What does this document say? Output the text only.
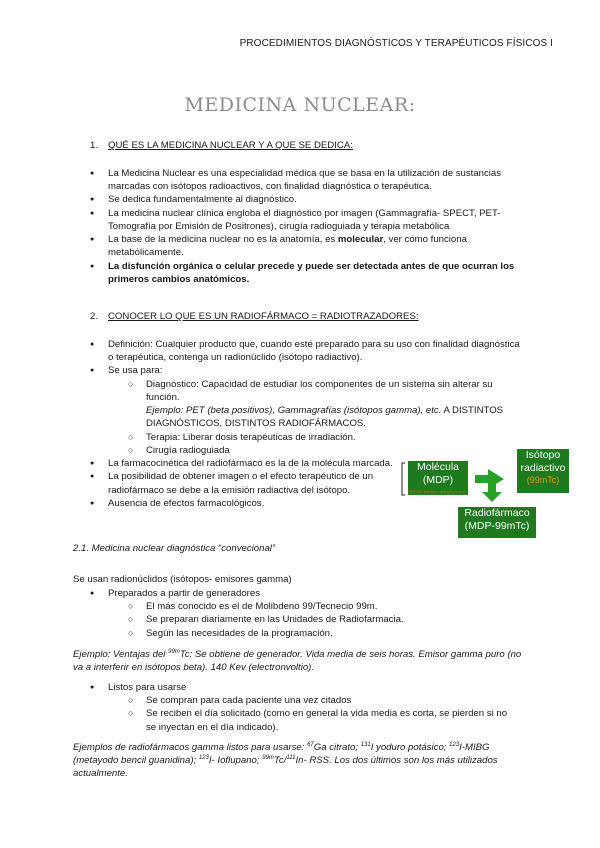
PROCEDIMIENTOS DIAGNÓSTICOS Y TERAPÉUTICOS FÍSICOS I
MEDICINA NUCLEAR:
1.	QUÉ ES LA MEDICINA NUCLEAR Y A QUE SE DEDICA:
● La Medicina Nuclear es una especialidad médica que se basa en la utilización de sustancias marcadas con isótopos radioactivos, con finalidad diagnóstica o terapéutica.
● Se dedica fundamentalmente al diagnóstico.
● La medicina nuclear clínica engloba el diagnóstico por imagen (Gammagrafía- SPECT, PET- Tomografía por Emisión de Positrones), cirugía radioguiada y terapia metabólica
● La base de la medicina nuclear no es la anatomía, es molecular, ver cómo funciona metabólicamente.
● La disfunción orgánica o celular precede y puede ser detectada antes de que ocurran los primeros cambios anatómicos.
2.	CONOCER LO QUE ES UN RADIOFÁRMACO = RADIOTRAZADORES:
● Definición: Cualquier producto que, cuando esté preparado para su uso con finalidad diagnóstica o terapéutica, contenga un radionúclido (isótopo radiactivo).
● Se usa para:
○ Diagnóstico: Capacidad de estudiar los componentes de un sistema sin alterar su función.
Ejemplo: PET (beta positivos), Gammagrafías (isótopos gamma), etc. A DISTINTOS DIAGNÓSTICOS, DISTINTOS RADIOFÁRMACOS.
○ Terapia: Liberar dosis terapéuticas de irradiación.
○ Cirugía radioguiada
● La farmacocinética del radiofármaco es la de la molécula marcada.
● La posibilidad de obtener imagen o el efecto terapéutico de un radiofármaco se debe a la emisión radiactiva del isótopo.
● Ausencia de efectos farmacológicos.
Molécula (MDP)
(MDP: Metilendifosfonato)
Isótopo radiactivo
(99mTc)
Radiofármaco
(MDP-99mTc)
2.1. Medicina nuclear diagnóstica “convecional”
Se usan radionúclidos (isótopos- emisores gamma)
● Preparados a partir de generadores
○ El más conocido es el de Molibdeno 99/Tecnecio 99m.
○ Se preparan diariamente en las Unidades de Radiofarmacia.
○ Según las necesidades de la programación.
Ejemplo: Ventajas del $^{99m}$Tc: Se obtiene de generador. Vida media de seis horas. Emisor gamma puro (no va a interferir en isótopos beta). 140 Kev (electronvoltio).
● Listos para usarse
○ Se compran para cada paciente una vez citados
○ Se reciben el día solicitado (como en general la vida media es corta, se pierden si no se inyectan en el día indicado).
Ejemplos de radiofármacos gamma listos para usarse: $^{67}$Ga citrato; $^{131}$I yoduro potásico; $^{123}$I-MIBG (metayodo bencil guanidina); $^{123}$I- Ioflupano; $^{99m}$Tc/$^{111}$In- RSS. Los dos últimos son los más utilizados actualmente.
